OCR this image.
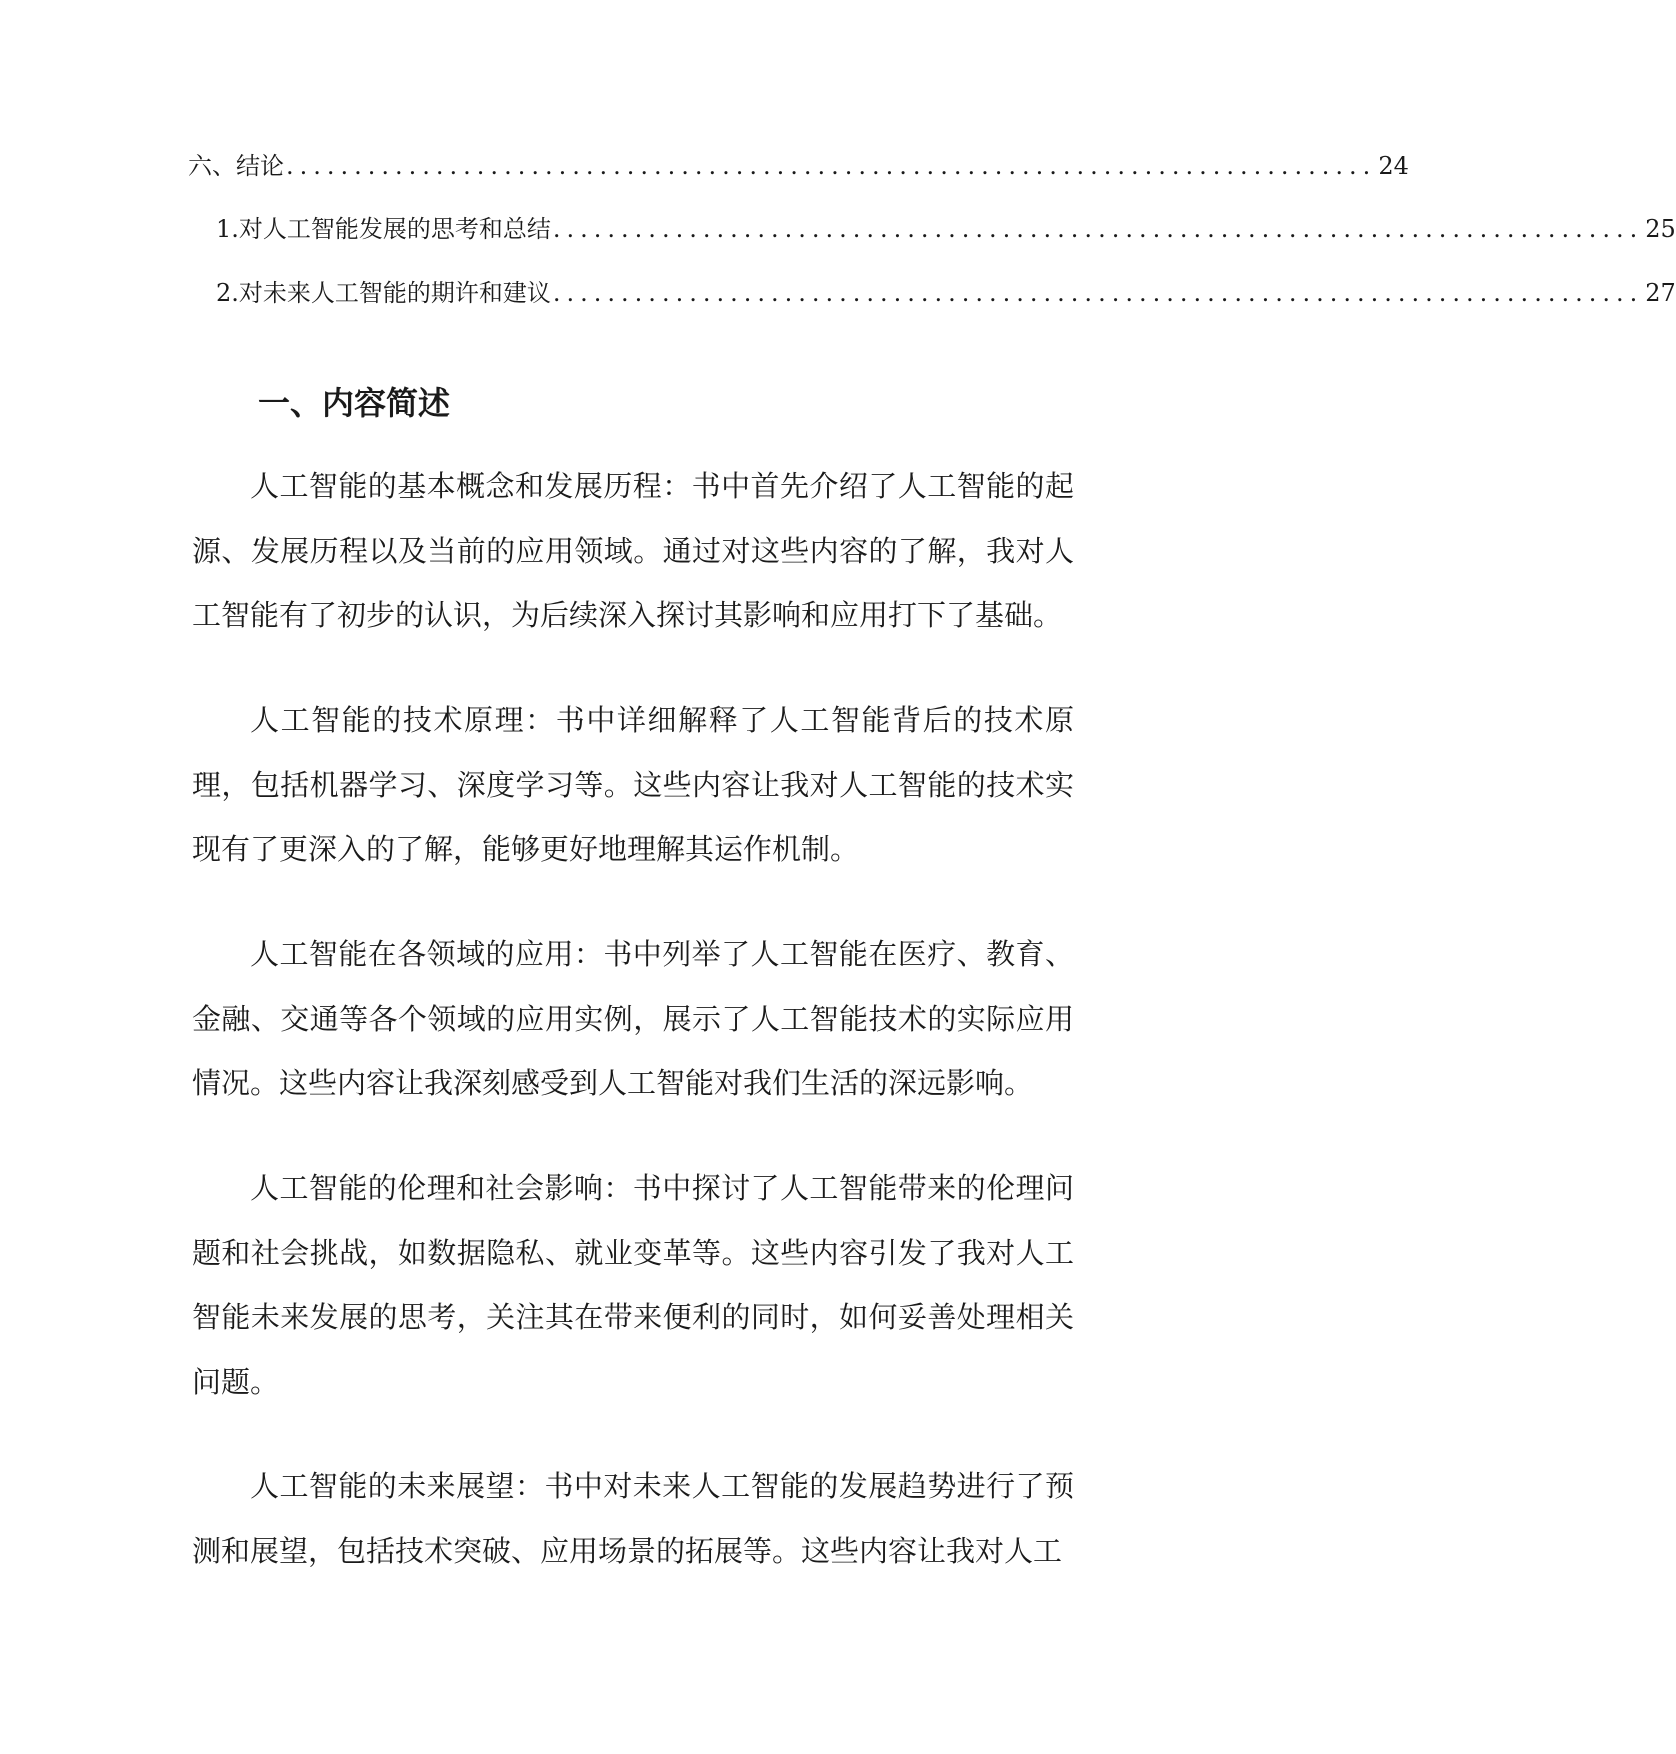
六、结论 ................................................................................ 24
1. 对人工智能发展的思考和总结 ................................................................................ 25
2. 对未来人工智能的期许和建议 ................................................................................ 27
一、内容简述

人工智能的基本概念和发展历程：书中首先介绍了人工智能的起源、发展历程以及当前的应用领域。通过对这些内容的了解，我对人工智能有了初步的认识，为后续深入探讨其影响和应用打下了基础。

人工智能的技术原理：书中详细解释了人工智能背后的技术原理，包括机器学习、深度学习等。这些内容让我对人工智能的技术实现有了更深入的了解，能够更好地理解其运作机制。

人工智能在各领域的应用：书中列举了人工智能在医疗、教育、金融、交通等各个领域的应用实例，展示了人工智能技术的实际应用情况。这些内容让我深刻感受到人工智能对我们生活的深远影响。

人工智能的伦理和社会影响：书中探讨了人工智能带来的伦理问题和社会挑战，如数据隐私、就业变革等。这些内容引发了我对人工智能未来发展的思考，关注其在带来便利的同时，如何妥善处理相关问题。

人工智能的未来展望：书中对未来人工智能的发展趋势进行了预测和展望，包括技术突破、应用场景的拓展等。这些内容让我对人工
